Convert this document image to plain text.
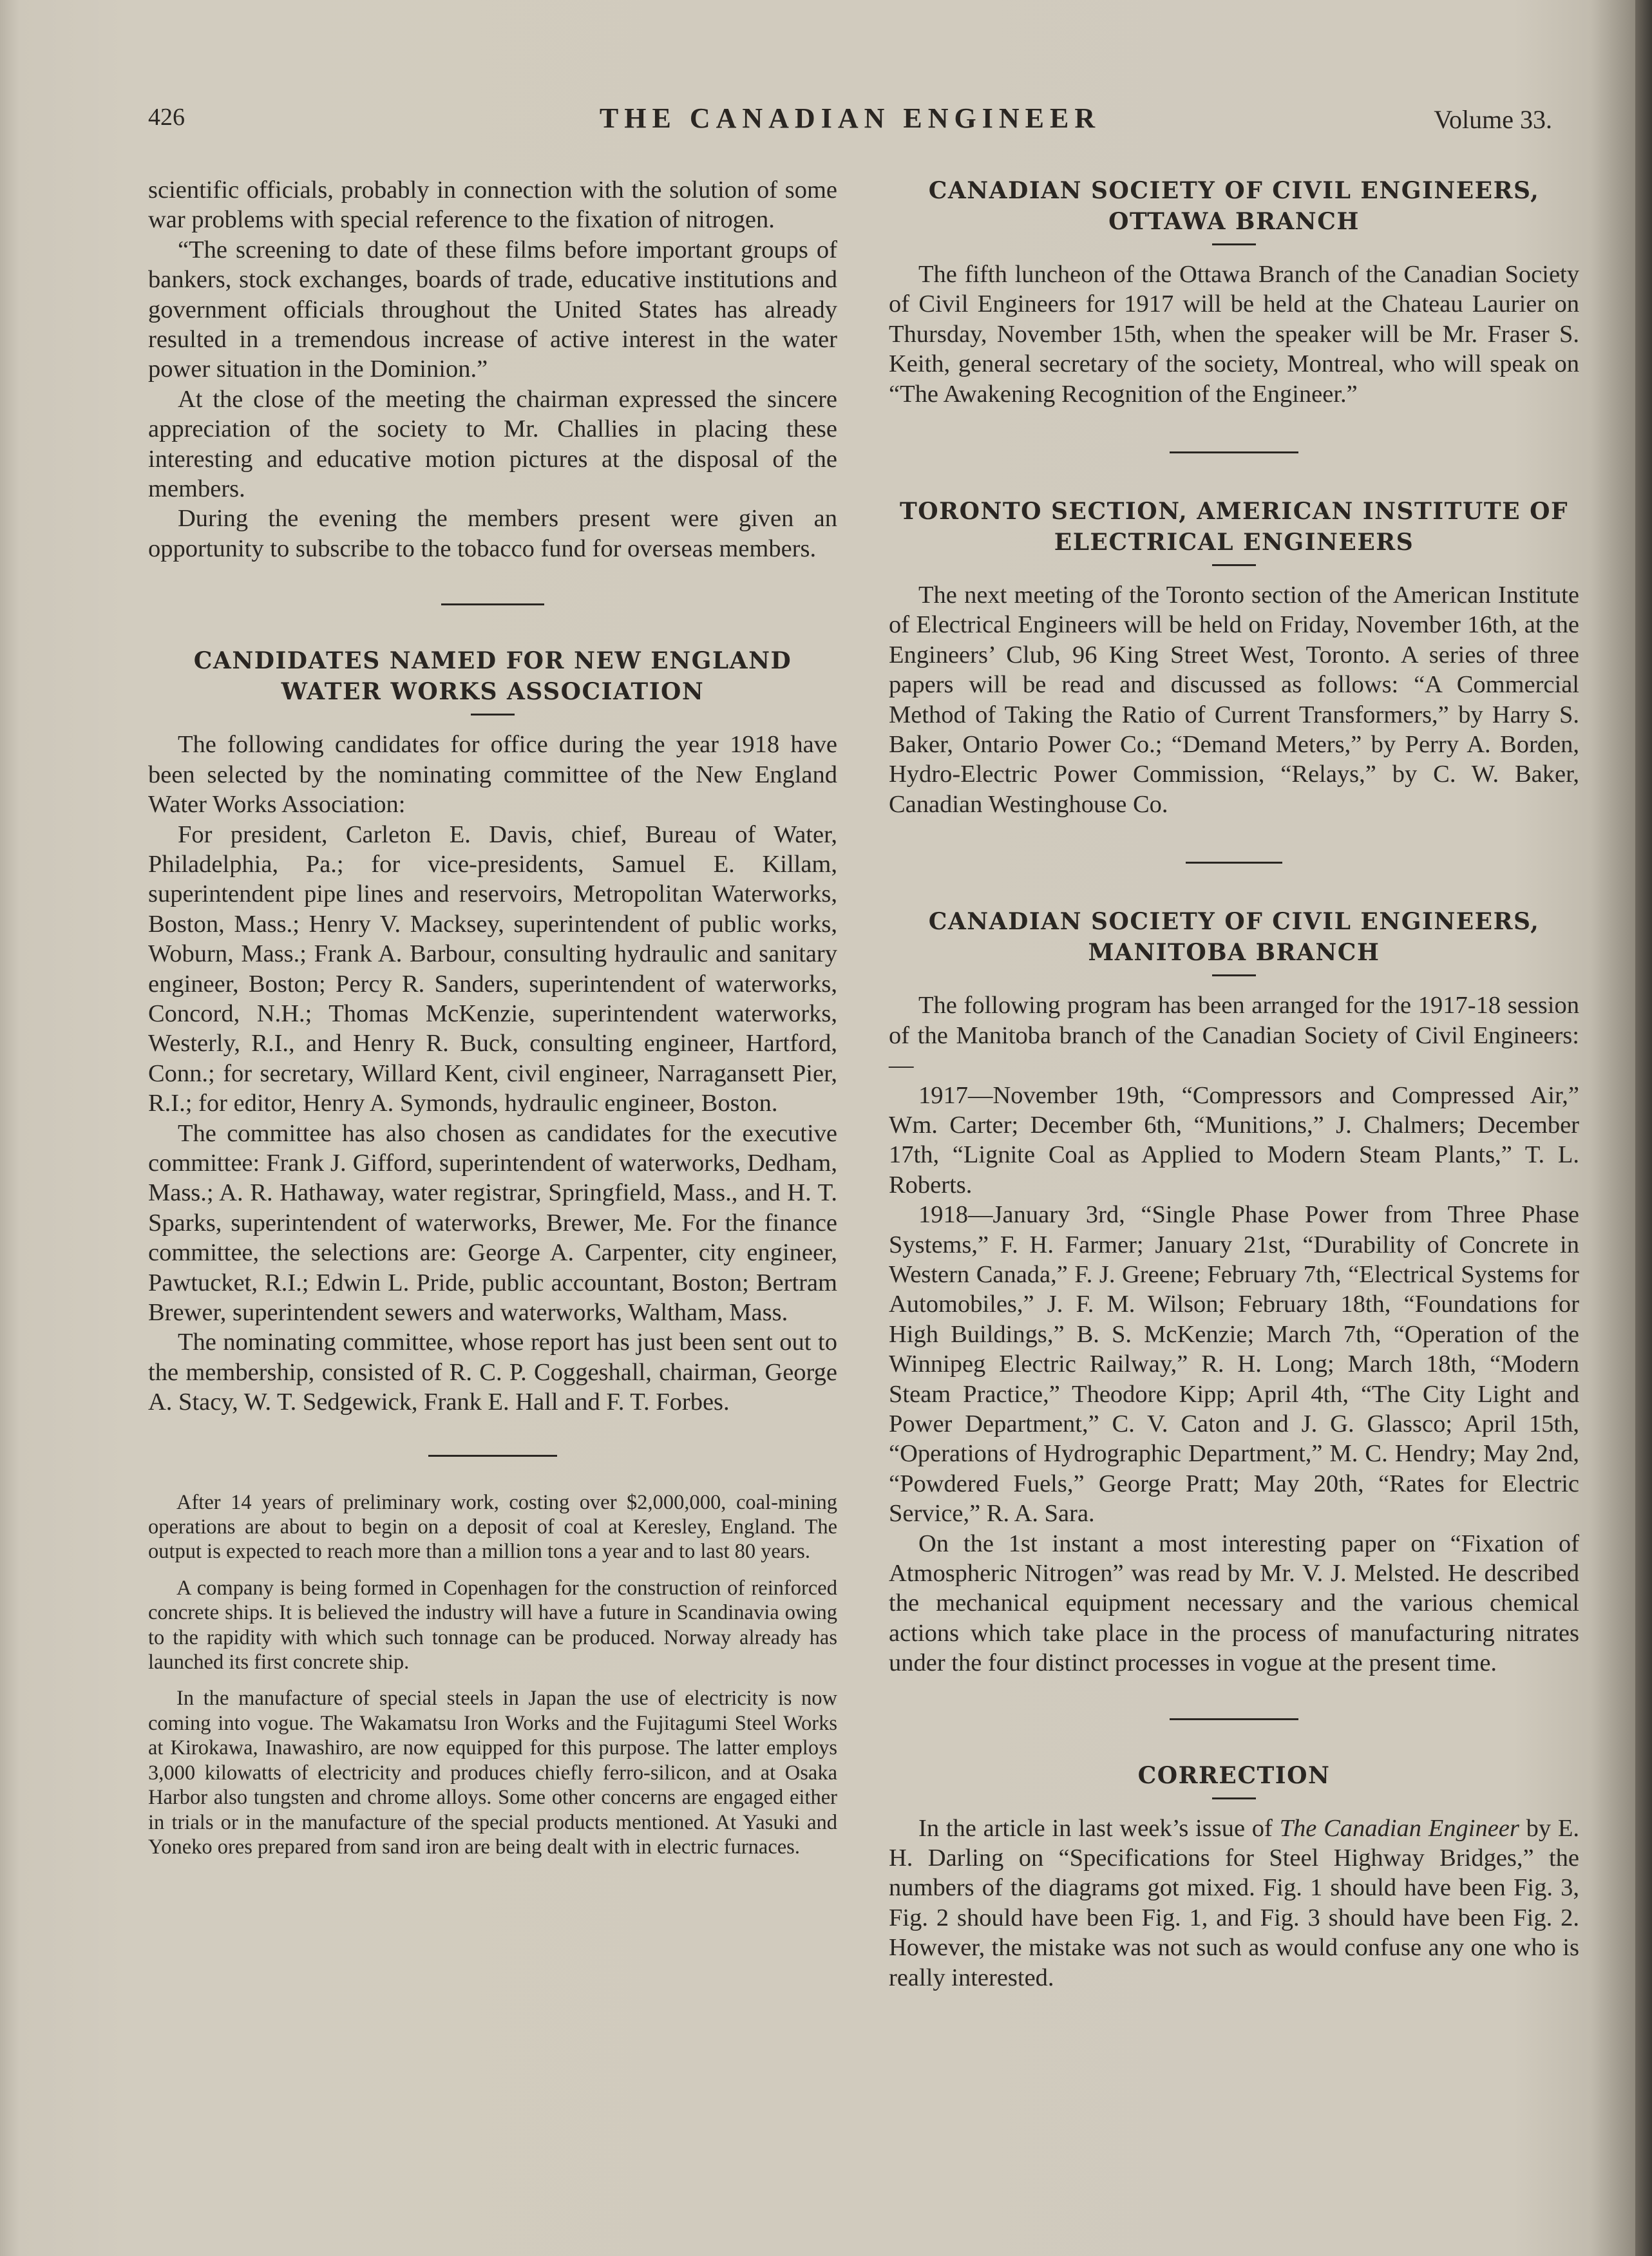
426	THE CANADIAN ENGINEER	Volume 33.

scientific officials, probably in connection with the solution of some war problems with special reference to the fixation of nitrogen.

“The screening to date of these films before important groups of bankers, stock exchanges, boards of trade, educative institutions and government officials throughout the United States has already resulted in a tremendous increase of active interest in the water power situation in the Dominion.”

At the close of the meeting the chairman expressed the sincere appreciation of the society to Mr. Challies in placing these interesting and educative motion pictures at the disposal of the members.

During the evening the members present were given an opportunity to subscribe to the tobacco fund for overseas members.

CANDIDATES NAMED FOR NEW ENGLAND
WATER WORKS ASSOCIATION

The following candidates for office during the year 1918 have been selected by the nominating committee of the New England Water Works Association:

For president, Carleton E. Davis, chief, Bureau of Water, Philadelphia, Pa.; for vice-presidents, Samuel E. Killam, superintendent pipe lines and reservoirs, Metropolitan Waterworks, Boston, Mass.; Henry V. Macksey, superintendent of public works, Woburn, Mass.; Frank A. Barbour, consulting hydraulic and sanitary engineer, Boston; Percy R. Sanders, superintendent of waterworks, Concord, N.H.; Thomas McKenzie, superintendent waterworks, Westerly, R.I., and Henry R. Buck, consulting engineer, Hartford, Conn.; for secretary, Willard Kent, civil engineer, Narragansett Pier, R.I.; for editor, Henry A. Symonds, hydraulic engineer, Boston.

The committee has also chosen as candidates for the executive committee: Frank J. Gifford, superintendent of waterworks, Dedham, Mass.; A. R. Hathaway, water registrar, Springfield, Mass., and H. T. Sparks, superintendent of waterworks, Brewer, Me. For the finance committee, the selections are: George A. Carpenter, city engineer, Pawtucket, R.I.; Edwin L. Pride, public accountant, Boston; Bertram Brewer, superintendent sewers and waterworks, Waltham, Mass.

The nominating committee, whose report has just been sent out to the membership, consisted of R. C. P. Coggeshall, chairman, George A. Stacy, W. T. Sedgewick, Frank E. Hall and F. T. Forbes.

After 14 years of preliminary work, costing over $2,000,000, coal-mining operations are about to begin on a deposit of coal at Keresley, England. The output is expected to reach more than a million tons a year and to last 80 years.

A company is being formed in Copenhagen for the construction of reinforced concrete ships. It is believed the industry will have a future in Scandinavia owing to the rapidity with which such tonnage can be produced. Norway already has launched its first concrete ship.

In the manufacture of special steels in Japan the use of electricity is now coming into vogue. The Wakamatsu Iron Works and the Fujitagumi Steel Works at Kirokawa, Inawashiro, are now equipped for this purpose. The latter employs 3,000 kilowatts of electricity and produces chiefly ferro-silicon, and at Osaka Harbor also tungsten and chrome alloys. Some other concerns are engaged either in trials or in the manufacture of the special products mentioned. At Yasuki and Yoneko ores prepared from sand iron are being dealt with in electric furnaces.

CANADIAN SOCIETY OF CIVIL ENGINEERS,
OTTAWA BRANCH

The fifth luncheon of the Ottawa Branch of the Canadian Society of Civil Engineers for 1917 will be held at the Chateau Laurier on Thursday, November 15th, when the speaker will be Mr. Fraser S. Keith, general secretary of the society, Montreal, who will speak on “The Awakening Recognition of the Engineer.”

TORONTO SECTION, AMERICAN INSTITUTE OF
ELECTRICAL ENGINEERS

The next meeting of the Toronto section of the American Institute of Electrical Engineers will be held on Friday, November 16th, at the Engineers’ Club, 96 King Street West, Toronto. A series of three papers will be read and discussed as follows: “A Commercial Method of Taking the Ratio of Current Transformers,” by Harry S. Baker, Ontario Power Co.; “Demand Meters,” by Perry A. Borden, Hydro-Electric Power Commission, “Relays,” by C. W. Baker, Canadian Westinghouse Co.

CANADIAN SOCIETY OF CIVIL ENGINEERS,
MANITOBA BRANCH

The following program has been arranged for the 1917-18 session of the Manitoba branch of the Canadian Society of Civil Engineers:—

1917—November 19th, “Compressors and Compressed Air,” Wm. Carter; December 6th, “Munitions,” J. Chalmers; December 17th, “Lignite Coal as Applied to Modern Steam Plants,” T. L. Roberts.

1918—January 3rd, “Single Phase Power from Three Phase Systems,” F. H. Farmer; January 21st, “Durability of Concrete in Western Canada,” F. J. Greene; February 7th, “Electrical Systems for Automobiles,” J. F. M. Wilson; February 18th, “Foundations for High Buildings,” B. S. McKenzie; March 7th, “Operation of the Winnipeg Electric Railway,” R. H. Long; March 18th, “Modern Steam Practice,” Theodore Kipp; April 4th, “The City Light and Power Department,” C. V. Caton and J. G. Glassco; April 15th, “Operations of Hydrographic Department,” M. C. Hendry; May 2nd, “Powdered Fuels,” George Pratt; May 20th, “Rates for Electric Service,” R. A. Sara.

On the 1st instant a most interesting paper on “Fixation of Atmospheric Nitrogen” was read by Mr. V. J. Melsted. He described the mechanical equipment necessary and the various chemical actions which take place in the process of manufacturing nitrates under the four distinct processes in vogue at the present time.

CORRECTION

In the article in last week’s issue of The Canadian Engineer by E. H. Darling on “Specifications for Steel Highway Bridges,” the numbers of the diagrams got mixed. Fig. 1 should have been Fig. 3, Fig. 2 should have been Fig. 1, and Fig. 3 should have been Fig. 2. However, the mistake was not such as would confuse any one who is really interested.
